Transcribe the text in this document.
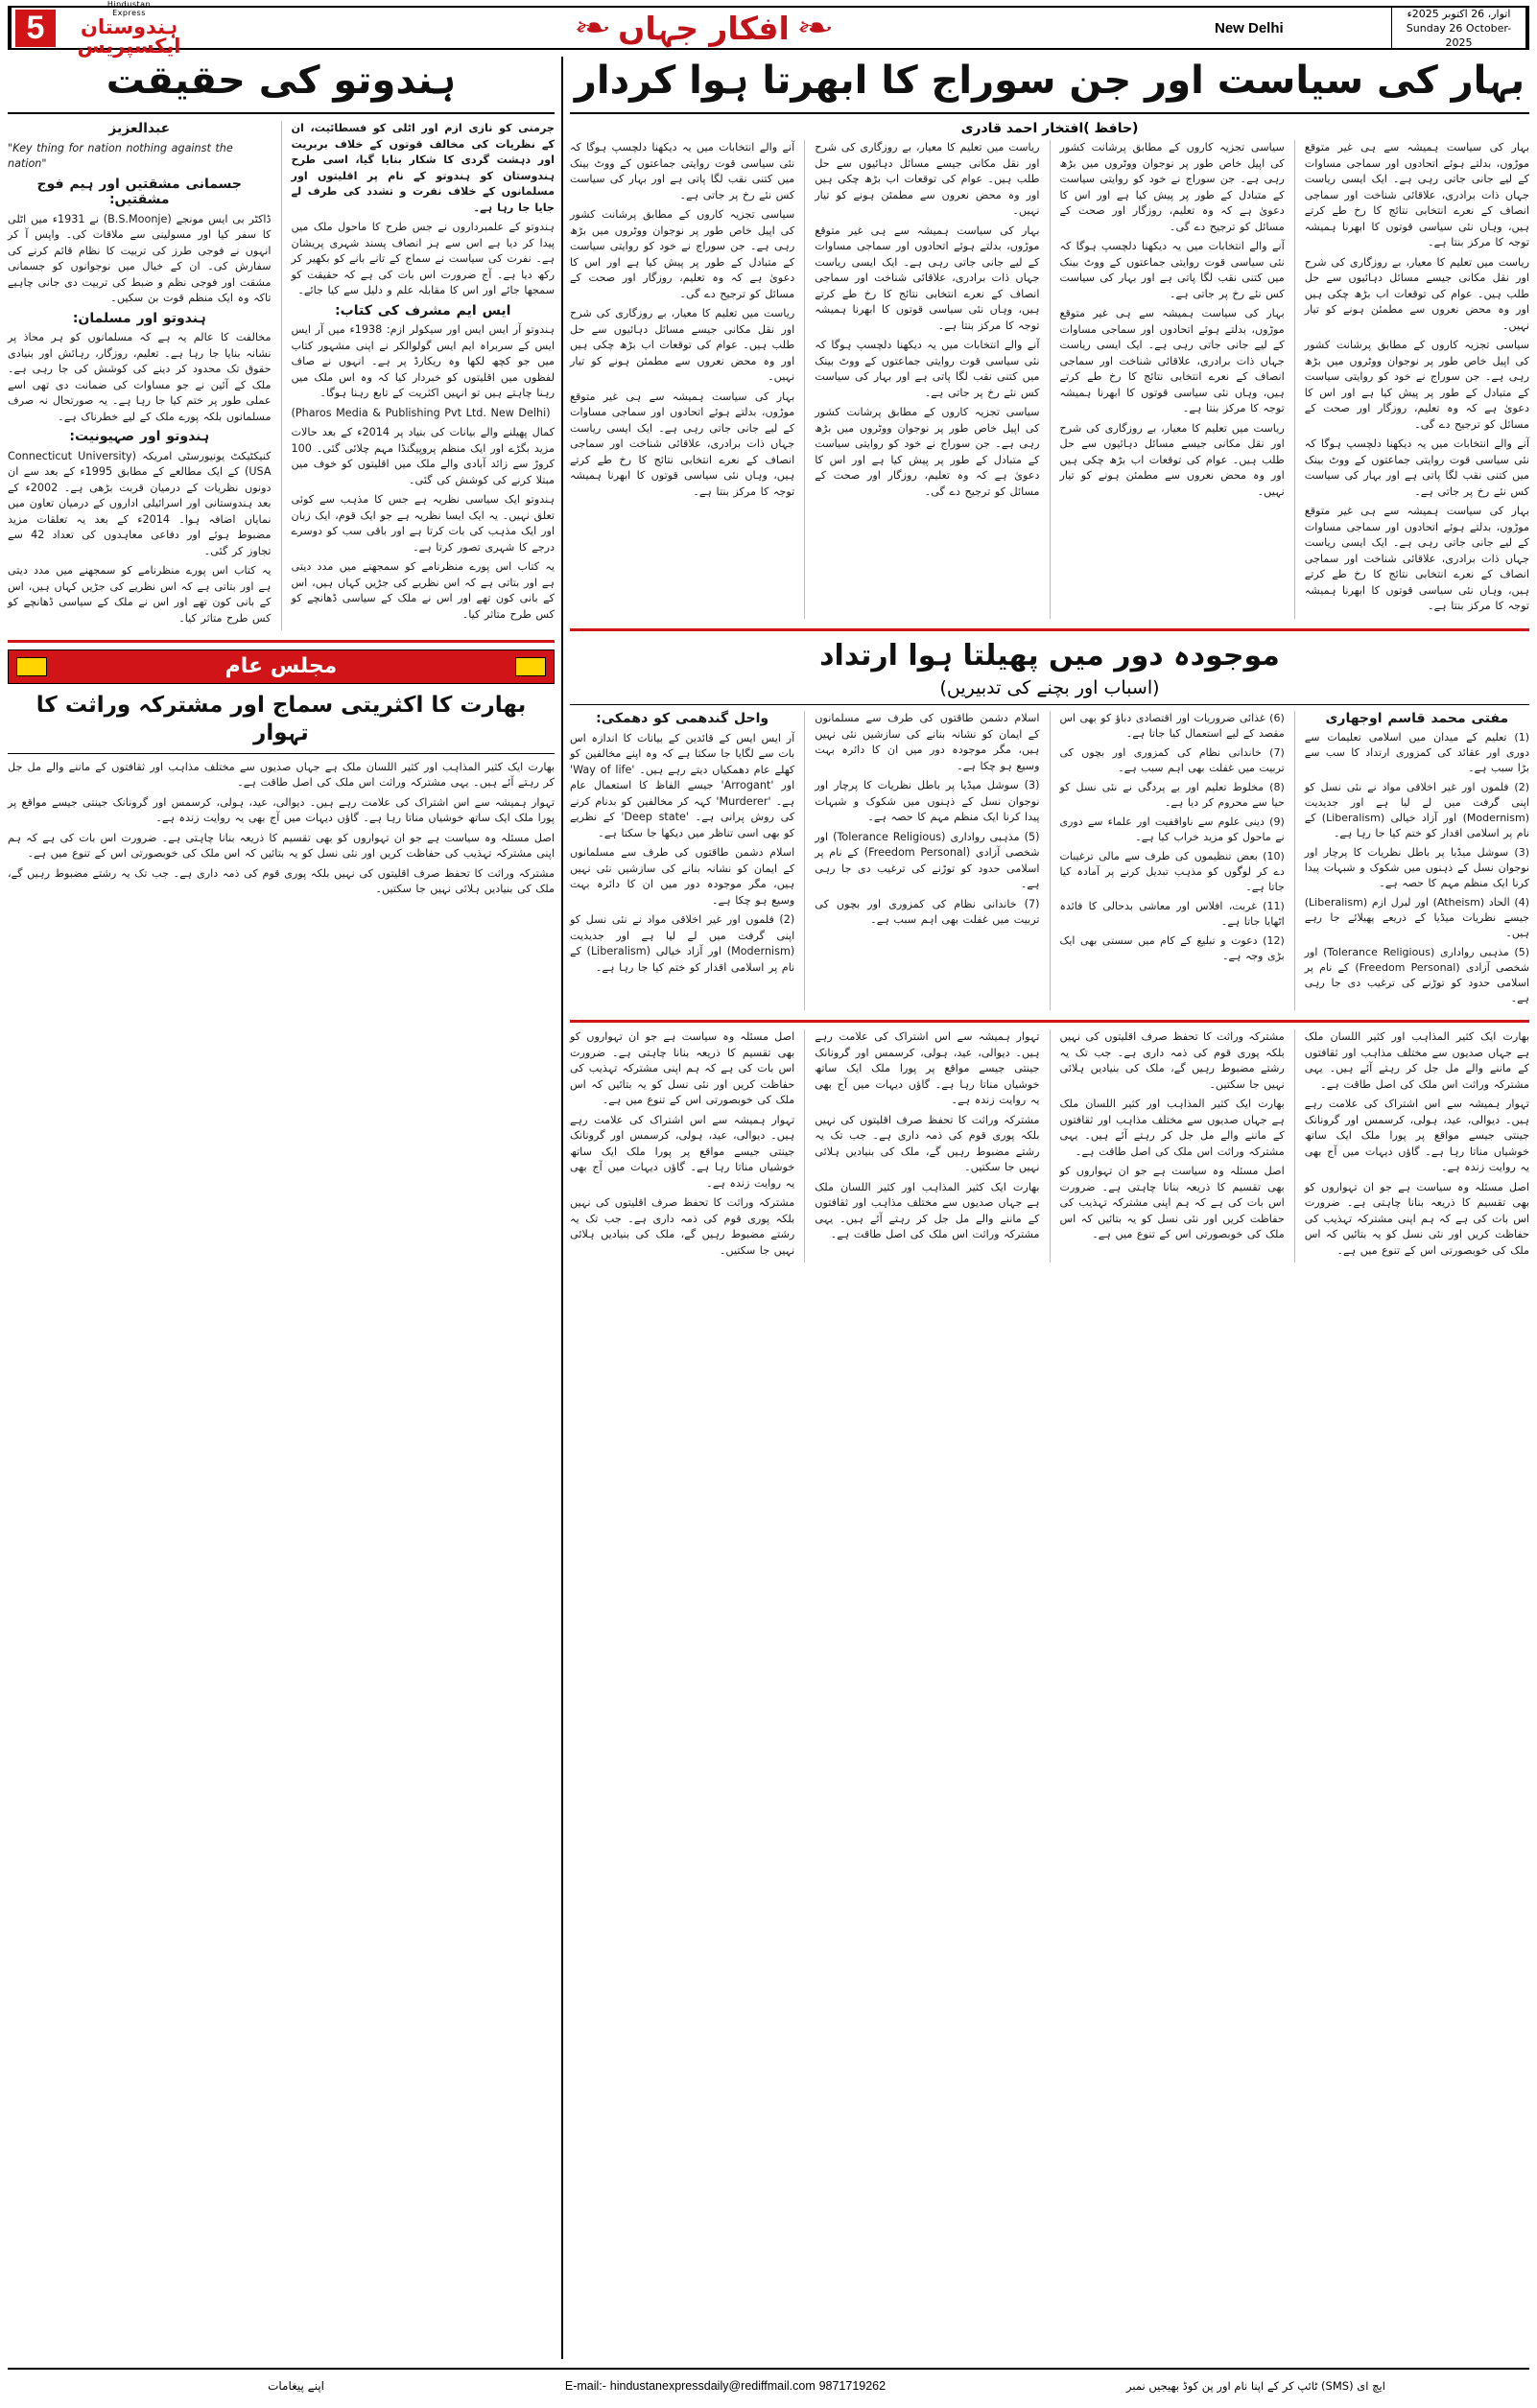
5
Hindustan
Express
ہندوستان
ایکسپریس
❧
افکار جہاں
❧	New Delhi
اتوار، 26 اکتوبر 2025ء
Sunday 26 October-2025
بہار کی سیاست اور جن سوراج کا ابھرتا ہوا کردار
(حافظ )افتخار احمد قادری

بہار کی سیاست ہمیشہ سے ہی غیر متوقع موڑوں، بدلتے ہوئے اتحادوں اور سماجی مساوات کے لیے جانی جاتی رہی ہے۔ ایک ایسی ریاست جہاں ذات برادری، علاقائی شناخت اور سماجی انصاف کے نعرے انتخابی نتائج کا رخ طے کرتے ہیں، وہاں نئی سیاسی قوتوں کا ابھرنا ہمیشہ توجہ کا مرکز بنتا ہے۔

ریاست میں تعلیم کا معیار، بے روزگاری کی شرح اور نقل مکانی جیسے مسائل دہائیوں سے حل طلب ہیں۔ عوام کی توقعات اب بڑھ چکی ہیں اور وہ محض نعروں سے مطمئن ہونے کو تیار نہیں۔

سیاسی تجزیہ کاروں کے مطابق پرشانت کشور کی اپیل خاص طور پر نوجوان ووٹروں میں بڑھ رہی ہے۔ جن سوراج نے خود کو روایتی سیاست کے متبادل کے طور پر پیش کیا ہے اور اس کا دعویٰ ہے کہ وہ تعلیم، روزگار اور صحت کے مسائل کو ترجیح دے گی۔

آنے والے انتخابات میں یہ دیکھنا دلچسپ ہوگا کہ نئی سیاسی قوت روایتی جماعتوں کے ووٹ بینک میں کتنی نقب لگا پاتی ہے اور بہار کی سیاست کس نئے رخ پر جاتی ہے۔

بہار کی سیاست ہمیشہ سے ہی غیر متوقع موڑوں، بدلتے ہوئے اتحادوں اور سماجی مساوات کے لیے جانی جاتی رہی ہے۔ ایک ایسی ریاست جہاں ذات برادری، علاقائی شناخت اور سماجی انصاف کے نعرے انتخابی نتائج کا رخ طے کرتے ہیں، وہاں نئی سیاسی قوتوں کا ابھرنا ہمیشہ توجہ کا مرکز بنتا ہے۔

سیاسی تجزیہ کاروں کے مطابق پرشانت کشور کی اپیل خاص طور پر نوجوان ووٹروں میں بڑھ رہی ہے۔ جن سوراج نے خود کو روایتی سیاست کے متبادل کے طور پر پیش کیا ہے اور اس کا دعویٰ ہے کہ وہ تعلیم، روزگار اور صحت کے مسائل کو ترجیح دے گی۔

آنے والے انتخابات میں یہ دیکھنا دلچسپ ہوگا کہ نئی سیاسی قوت روایتی جماعتوں کے ووٹ بینک میں کتنی نقب لگا پاتی ہے اور بہار کی سیاست کس نئے رخ پر جاتی ہے۔

بہار کی سیاست ہمیشہ سے ہی غیر متوقع موڑوں، بدلتے ہوئے اتحادوں اور سماجی مساوات کے لیے جانی جاتی رہی ہے۔ ایک ایسی ریاست جہاں ذات برادری، علاقائی شناخت اور سماجی انصاف کے نعرے انتخابی نتائج کا رخ طے کرتے ہیں، وہاں نئی سیاسی قوتوں کا ابھرنا ہمیشہ توجہ کا مرکز بنتا ہے۔

ریاست میں تعلیم کا معیار، بے روزگاری کی شرح اور نقل مکانی جیسے مسائل دہائیوں سے حل طلب ہیں۔ عوام کی توقعات اب بڑھ چکی ہیں اور وہ محض نعروں سے مطمئن ہونے کو تیار نہیں۔

ریاست میں تعلیم کا معیار، بے روزگاری کی شرح اور نقل مکانی جیسے مسائل دہائیوں سے حل طلب ہیں۔ عوام کی توقعات اب بڑھ چکی ہیں اور وہ محض نعروں سے مطمئن ہونے کو تیار نہیں۔

بہار کی سیاست ہمیشہ سے ہی غیر متوقع موڑوں، بدلتے ہوئے اتحادوں اور سماجی مساوات کے لیے جانی جاتی رہی ہے۔ ایک ایسی ریاست جہاں ذات برادری، علاقائی شناخت اور سماجی انصاف کے نعرے انتخابی نتائج کا رخ طے کرتے ہیں، وہاں نئی سیاسی قوتوں کا ابھرنا ہمیشہ توجہ کا مرکز بنتا ہے۔

آنے والے انتخابات میں یہ دیکھنا دلچسپ ہوگا کہ نئی سیاسی قوت روایتی جماعتوں کے ووٹ بینک میں کتنی نقب لگا پاتی ہے اور بہار کی سیاست کس نئے رخ پر جاتی ہے۔

سیاسی تجزیہ کاروں کے مطابق پرشانت کشور کی اپیل خاص طور پر نوجوان ووٹروں میں بڑھ رہی ہے۔ جن سوراج نے خود کو روایتی سیاست کے متبادل کے طور پر پیش کیا ہے اور اس کا دعویٰ ہے کہ وہ تعلیم، روزگار اور صحت کے مسائل کو ترجیح دے گی۔

آنے والے انتخابات میں یہ دیکھنا دلچسپ ہوگا کہ نئی سیاسی قوت روایتی جماعتوں کے ووٹ بینک میں کتنی نقب لگا پاتی ہے اور بہار کی سیاست کس نئے رخ پر جاتی ہے۔

سیاسی تجزیہ کاروں کے مطابق پرشانت کشور کی اپیل خاص طور پر نوجوان ووٹروں میں بڑھ رہی ہے۔ جن سوراج نے خود کو روایتی سیاست کے متبادل کے طور پر پیش کیا ہے اور اس کا دعویٰ ہے کہ وہ تعلیم، روزگار اور صحت کے مسائل کو ترجیح دے گی۔

ریاست میں تعلیم کا معیار، بے روزگاری کی شرح اور نقل مکانی جیسے مسائل دہائیوں سے حل طلب ہیں۔ عوام کی توقعات اب بڑھ چکی ہیں اور وہ محض نعروں سے مطمئن ہونے کو تیار نہیں۔

بہار کی سیاست ہمیشہ سے ہی غیر متوقع موڑوں، بدلتے ہوئے اتحادوں اور سماجی مساوات کے لیے جانی جاتی رہی ہے۔ ایک ایسی ریاست جہاں ذات برادری، علاقائی شناخت اور سماجی انصاف کے نعرے انتخابی نتائج کا رخ طے کرتے ہیں، وہاں نئی سیاسی قوتوں کا ابھرنا ہمیشہ توجہ کا مرکز بنتا ہے۔

موجودہ دور میں پھیلتا ہوا ارتداد
(اسباب اور بچنے کی تدبیریں)

مفتی محمد قاسم اوجھاری

(1) تعلیم کے میدان میں اسلامی تعلیمات سے دوری اور عقائد کی کمزوری ارتداد کا سب سے بڑا سبب ہے۔

(2) فلموں اور غیر اخلاقی مواد نے نئی نسل کو اپنی گرفت میں لے لیا ہے اور جدیدیت (Modernism) اور آزاد خیالی (Liberalism) کے نام پر اسلامی اقدار کو ختم کیا جا رہا ہے۔

(3) سوشل میڈیا پر باطل نظریات کا پرچار اور نوجوان نسل کے ذہنوں میں شکوک و شبہات پیدا کرنا ایک منظم مہم کا حصہ ہے۔

(4) الحاد (Atheism) اور لبرل ازم (Liberalism) جیسے نظریات میڈیا کے ذریعے پھیلائے جا رہے ہیں۔

(5) مذہبی رواداری (Tolerance Religious) اور شخصی آزادی (Freedom Personal) کے نام پر اسلامی حدود کو توڑنے کی ترغیب دی جا رہی ہے۔

(6) غذائی ضروریات اور اقتصادی دباؤ کو بھی اس مقصد کے لیے استعمال کیا جاتا ہے۔

(7) خاندانی نظام کی کمزوری اور بچوں کی تربیت میں غفلت بھی اہم سبب ہے۔

(8) مخلوط تعلیم اور بے پردگی نے نئی نسل کو حیا سے محروم کر دیا ہے۔

(9) دینی علوم سے ناواقفیت اور علماء سے دوری نے ماحول کو مزید خراب کیا ہے۔

(10) بعض تنظیموں کی طرف سے مالی ترغیبات دے کر لوگوں کو مذہب تبدیل کرنے پر آمادہ کیا جاتا ہے۔

(11) غربت، افلاس اور معاشی بدحالی کا فائدہ اٹھایا جاتا ہے۔

(12) دعوت و تبلیغ کے کام میں سستی بھی ایک بڑی وجہ ہے۔

اسلام دشمن طاقتوں کی طرف سے مسلمانوں کے ایمان کو نشانہ بنانے کی سازشیں نئی نہیں ہیں، مگر موجودہ دور میں ان کا دائرہ بہت وسیع ہو چکا ہے۔

(3) سوشل میڈیا پر باطل نظریات کا پرچار اور نوجوان نسل کے ذہنوں میں شکوک و شبہات پیدا کرنا ایک منظم مہم کا حصہ ہے۔

(5) مذہبی رواداری (Tolerance Religious) اور شخصی آزادی (Freedom Personal) کے نام پر اسلامی حدود کو توڑنے کی ترغیب دی جا رہی ہے۔

(7) خاندانی نظام کی کمزوری اور بچوں کی تربیت میں غفلت بھی اہم سبب ہے۔

واحل گندھمی کو دھمکی:

آر ایس ایس کے قائدین کے بیانات کا اندازہ اس بات سے لگایا جا سکتا ہے کہ وہ اپنے مخالفین کو کھلے عام دھمکیاں دیتے رہے ہیں۔ 'Way of life' اور 'Arrogant' جیسے الفاظ کا استعمال عام ہے۔ 'Murderer' کہہ کر مخالفین کو بدنام کرنے کی روش پرانی ہے۔ 'Deep state' کے نظریے کو بھی اسی تناظر میں دیکھا جا سکتا ہے۔

اسلام دشمن طاقتوں کی طرف سے مسلمانوں کے ایمان کو نشانہ بنانے کی سازشیں نئی نہیں ہیں، مگر موجودہ دور میں ان کا دائرہ بہت وسیع ہو چکا ہے۔

(2) فلموں اور غیر اخلاقی مواد نے نئی نسل کو اپنی گرفت میں لے لیا ہے اور جدیدیت (Modernism) اور آزاد خیالی (Liberalism) کے نام پر اسلامی اقدار کو ختم کیا جا رہا ہے۔

بھارت ایک کثیر المذاہب اور کثیر اللسان ملک ہے جہاں صدیوں سے مختلف مذاہب اور ثقافتوں کے ماننے والے مل جل کر رہتے آئے ہیں۔ یہی مشترکہ وراثت اس ملک کی اصل طاقت ہے۔

تہوار ہمیشہ سے اس اشتراک کی علامت رہے ہیں۔ دیوالی، عید، ہولی، کرسمس اور گرونانک جینتی جیسے مواقع پر پورا ملک ایک ساتھ خوشیاں مناتا رہا ہے۔ گاؤں دیہات میں آج بھی یہ روایت زندہ ہے۔

اصل مسئلہ وہ سیاست ہے جو ان تہواروں کو بھی تقسیم کا ذریعہ بنانا چاہتی ہے۔ ضرورت اس بات کی ہے کہ ہم اپنی مشترکہ تہذیب کی حفاظت کریں اور نئی نسل کو یہ بتائیں کہ اس ملک کی خوبصورتی اس کے تنوع میں ہے۔

مشترکہ وراثت کا تحفظ صرف اقلیتوں کی نہیں بلکہ پوری قوم کی ذمہ داری ہے۔ جب تک یہ رشتے مضبوط رہیں گے، ملک کی بنیادیں ہلائی نہیں جا سکتیں۔

بھارت ایک کثیر المذاہب اور کثیر اللسان ملک ہے جہاں صدیوں سے مختلف مذاہب اور ثقافتوں کے ماننے والے مل جل کر رہتے آئے ہیں۔ یہی مشترکہ وراثت اس ملک کی اصل طاقت ہے۔

اصل مسئلہ وہ سیاست ہے جو ان تہواروں کو بھی تقسیم کا ذریعہ بنانا چاہتی ہے۔ ضرورت اس بات کی ہے کہ ہم اپنی مشترکہ تہذیب کی حفاظت کریں اور نئی نسل کو یہ بتائیں کہ اس ملک کی خوبصورتی اس کے تنوع میں ہے۔

تہوار ہمیشہ سے اس اشتراک کی علامت رہے ہیں۔ دیوالی، عید، ہولی، کرسمس اور گرونانک جینتی جیسے مواقع پر پورا ملک ایک ساتھ خوشیاں مناتا رہا ہے۔ گاؤں دیہات میں آج بھی یہ روایت زندہ ہے۔

مشترکہ وراثت کا تحفظ صرف اقلیتوں کی نہیں بلکہ پوری قوم کی ذمہ داری ہے۔ جب تک یہ رشتے مضبوط رہیں گے، ملک کی بنیادیں ہلائی نہیں جا سکتیں۔

بھارت ایک کثیر المذاہب اور کثیر اللسان ملک ہے جہاں صدیوں سے مختلف مذاہب اور ثقافتوں کے ماننے والے مل جل کر رہتے آئے ہیں۔ یہی مشترکہ وراثت اس ملک کی اصل طاقت ہے۔

اصل مسئلہ وہ سیاست ہے جو ان تہواروں کو بھی تقسیم کا ذریعہ بنانا چاہتی ہے۔ ضرورت اس بات کی ہے کہ ہم اپنی مشترکہ تہذیب کی حفاظت کریں اور نئی نسل کو یہ بتائیں کہ اس ملک کی خوبصورتی اس کے تنوع میں ہے۔

تہوار ہمیشہ سے اس اشتراک کی علامت رہے ہیں۔ دیوالی، عید، ہولی، کرسمس اور گرونانک جینتی جیسے مواقع پر پورا ملک ایک ساتھ خوشیاں مناتا رہا ہے۔ گاؤں دیہات میں آج بھی یہ روایت زندہ ہے۔

مشترکہ وراثت کا تحفظ صرف اقلیتوں کی نہیں بلکہ پوری قوم کی ذمہ داری ہے۔ جب تک یہ رشتے مضبوط رہیں گے، ملک کی بنیادیں ہلائی نہیں جا سکتیں۔

ہندوتو کی حقیقت

جرمنی کو نازی ازم اور اٹلی کو فسطائیت، ان کے نظریات کی مخالف قوتوں کے خلاف بربریت اور دہشت گردی کا شکار بنایا گیا، اسی طرح ہندوستان کو ہندوتو کے نام پر اقلیتوں اور مسلمانوں کے خلاف نفرت و تشدد کی طرف لے جایا جا رہا ہے۔

ہندوتو کے علمبرداروں نے جس طرح کا ماحول ملک میں پیدا کر دیا ہے اس سے ہر انصاف پسند شہری پریشان ہے۔ نفرت کی سیاست نے سماج کے تانے بانے کو بکھیر کر رکھ دیا ہے۔ آج ضرورت اس بات کی ہے کہ حقیقت کو سمجھا جائے اور اس کا مقابلہ علم و دلیل سے کیا جائے۔

ایس ایم مشرف کی کتاب:

ہندوتو آر ایس ایس اور سیکولر ازم: 1938ء میں آر ایس ایس کے سربراہ ایم ایس گولوالکر نے اپنی مشہور کتاب میں جو کچھ لکھا وہ ریکارڈ پر ہے۔ انہوں نے صاف لفظوں میں اقلیتوں کو خبردار کیا کہ وہ اس ملک میں رہنا چاہتے ہیں تو انہیں اکثریت کے تابع رہنا ہوگا۔

(Pharos Media & Publishing Pvt Ltd. New Delhi)

کمال پھیلنے والے بیانات کی بنیاد پر 2014ء کے بعد حالات مزید بگڑے اور ایک منظم پروپیگنڈا مہم چلائی گئی۔ 100 کروڑ سے زائد آبادی والے ملک میں اقلیتوں کو خوف میں مبتلا کرنے کی کوشش کی گئی۔

ہندوتو ایک سیاسی نظریہ ہے جس کا مذہب سے کوئی تعلق نہیں۔ یہ ایک ایسا نظریہ ہے جو ایک قوم، ایک زبان اور ایک مذہب کی بات کرتا ہے اور باقی سب کو دوسرے درجے کا شہری تصور کرتا ہے۔

یہ کتاب اس پورے منظرنامے کو سمجھنے میں مدد دیتی ہے اور بتاتی ہے کہ اس نظریے کی جڑیں کہاں ہیں، اس کے بانی کون تھے اور اس نے ملک کے سیاسی ڈھانچے کو کس طرح متاثر کیا۔

عبدالعزیز

"Key thing for nation nothing against the nation"

جسمانی مشقتیں اور ہیم فوج مشقتیں:

ڈاکٹر بی ایس مونجے (B.S.Moonje) نے 1931ء میں اٹلی کا سفر کیا اور مسولینی سے ملاقات کی۔ واپس آ کر انہوں نے فوجی طرز کی تربیت کا نظام قائم کرنے کی سفارش کی۔ ان کے خیال میں نوجوانوں کو جسمانی مشقت اور فوجی نظم و ضبط کی تربیت دی جانی چاہیے تاکہ وہ ایک منظم قوت بن سکیں۔

ہندوتو اور مسلمان:

مخالفت کا عالم یہ ہے کہ مسلمانوں کو ہر محاذ پر نشانہ بنایا جا رہا ہے۔ تعلیم، روزگار، رہائش اور بنیادی حقوق تک محدود کر دینے کی کوشش کی جا رہی ہے۔ ملک کے آئین نے جو مساوات کی ضمانت دی تھی اسے عملی طور پر ختم کیا جا رہا ہے۔ یہ صورتحال نہ صرف مسلمانوں بلکہ پورے ملک کے لیے خطرناک ہے۔

ہندوتو اور صہیونیت:

کنیکٹیکٹ یونیورسٹی امریکہ (Connecticut University USA) کے ایک مطالعے کے مطابق 1995ء کے بعد سے ان دونوں نظریات کے درمیان قربت بڑھی ہے۔ 2002ء کے بعد ہندوستانی اور اسرائیلی اداروں کے درمیان تعاون میں نمایاں اضافہ ہوا۔ 2014ء کے بعد یہ تعلقات مزید مضبوط ہوئے اور دفاعی معاہدوں کی تعداد 42 سے تجاوز کر گئی۔

یہ کتاب اس پورے منظرنامے کو سمجھنے میں مدد دیتی ہے اور بتاتی ہے کہ اس نظریے کی جڑیں کہاں ہیں، اس کے بانی کون تھے اور اس نے ملک کے سیاسی ڈھانچے کو کس طرح متاثر کیا۔

مجلس عام
بھارت کا اکثریتی سماج اور مشترکہ وراثت کا تہوار

بھارت ایک کثیر المذاہب اور کثیر اللسان ملک ہے جہاں صدیوں سے مختلف مذاہب اور ثقافتوں کے ماننے والے مل جل کر رہتے آئے ہیں۔ یہی مشترکہ وراثت اس ملک کی اصل طاقت ہے۔

تہوار ہمیشہ سے اس اشتراک کی علامت رہے ہیں۔ دیوالی، عید، ہولی، کرسمس اور گرونانک جینتی جیسے مواقع پر پورا ملک ایک ساتھ خوشیاں مناتا رہا ہے۔ گاؤں دیہات میں آج بھی یہ روایت زندہ ہے۔

اصل مسئلہ وہ سیاست ہے جو ان تہواروں کو بھی تقسیم کا ذریعہ بنانا چاہتی ہے۔ ضرورت اس بات کی ہے کہ ہم اپنی مشترکہ تہذیب کی حفاظت کریں اور نئی نسل کو یہ بتائیں کہ اس ملک کی خوبصورتی اس کے تنوع میں ہے۔

مشترکہ وراثت کا تحفظ صرف اقلیتوں کی نہیں بلکہ پوری قوم کی ذمہ داری ہے۔ جب تک یہ رشتے مضبوط رہیں گے، ملک کی بنیادیں ہلائی نہیں جا سکتیں۔

اپنے پیغامات	E-mail:- hindustanexpressdaily@rediffmail.com 9871719262	ایچ ای (SMS) ٹائپ کر کے اپنا نام اور پن کوڈ بھیجیں نمبر
